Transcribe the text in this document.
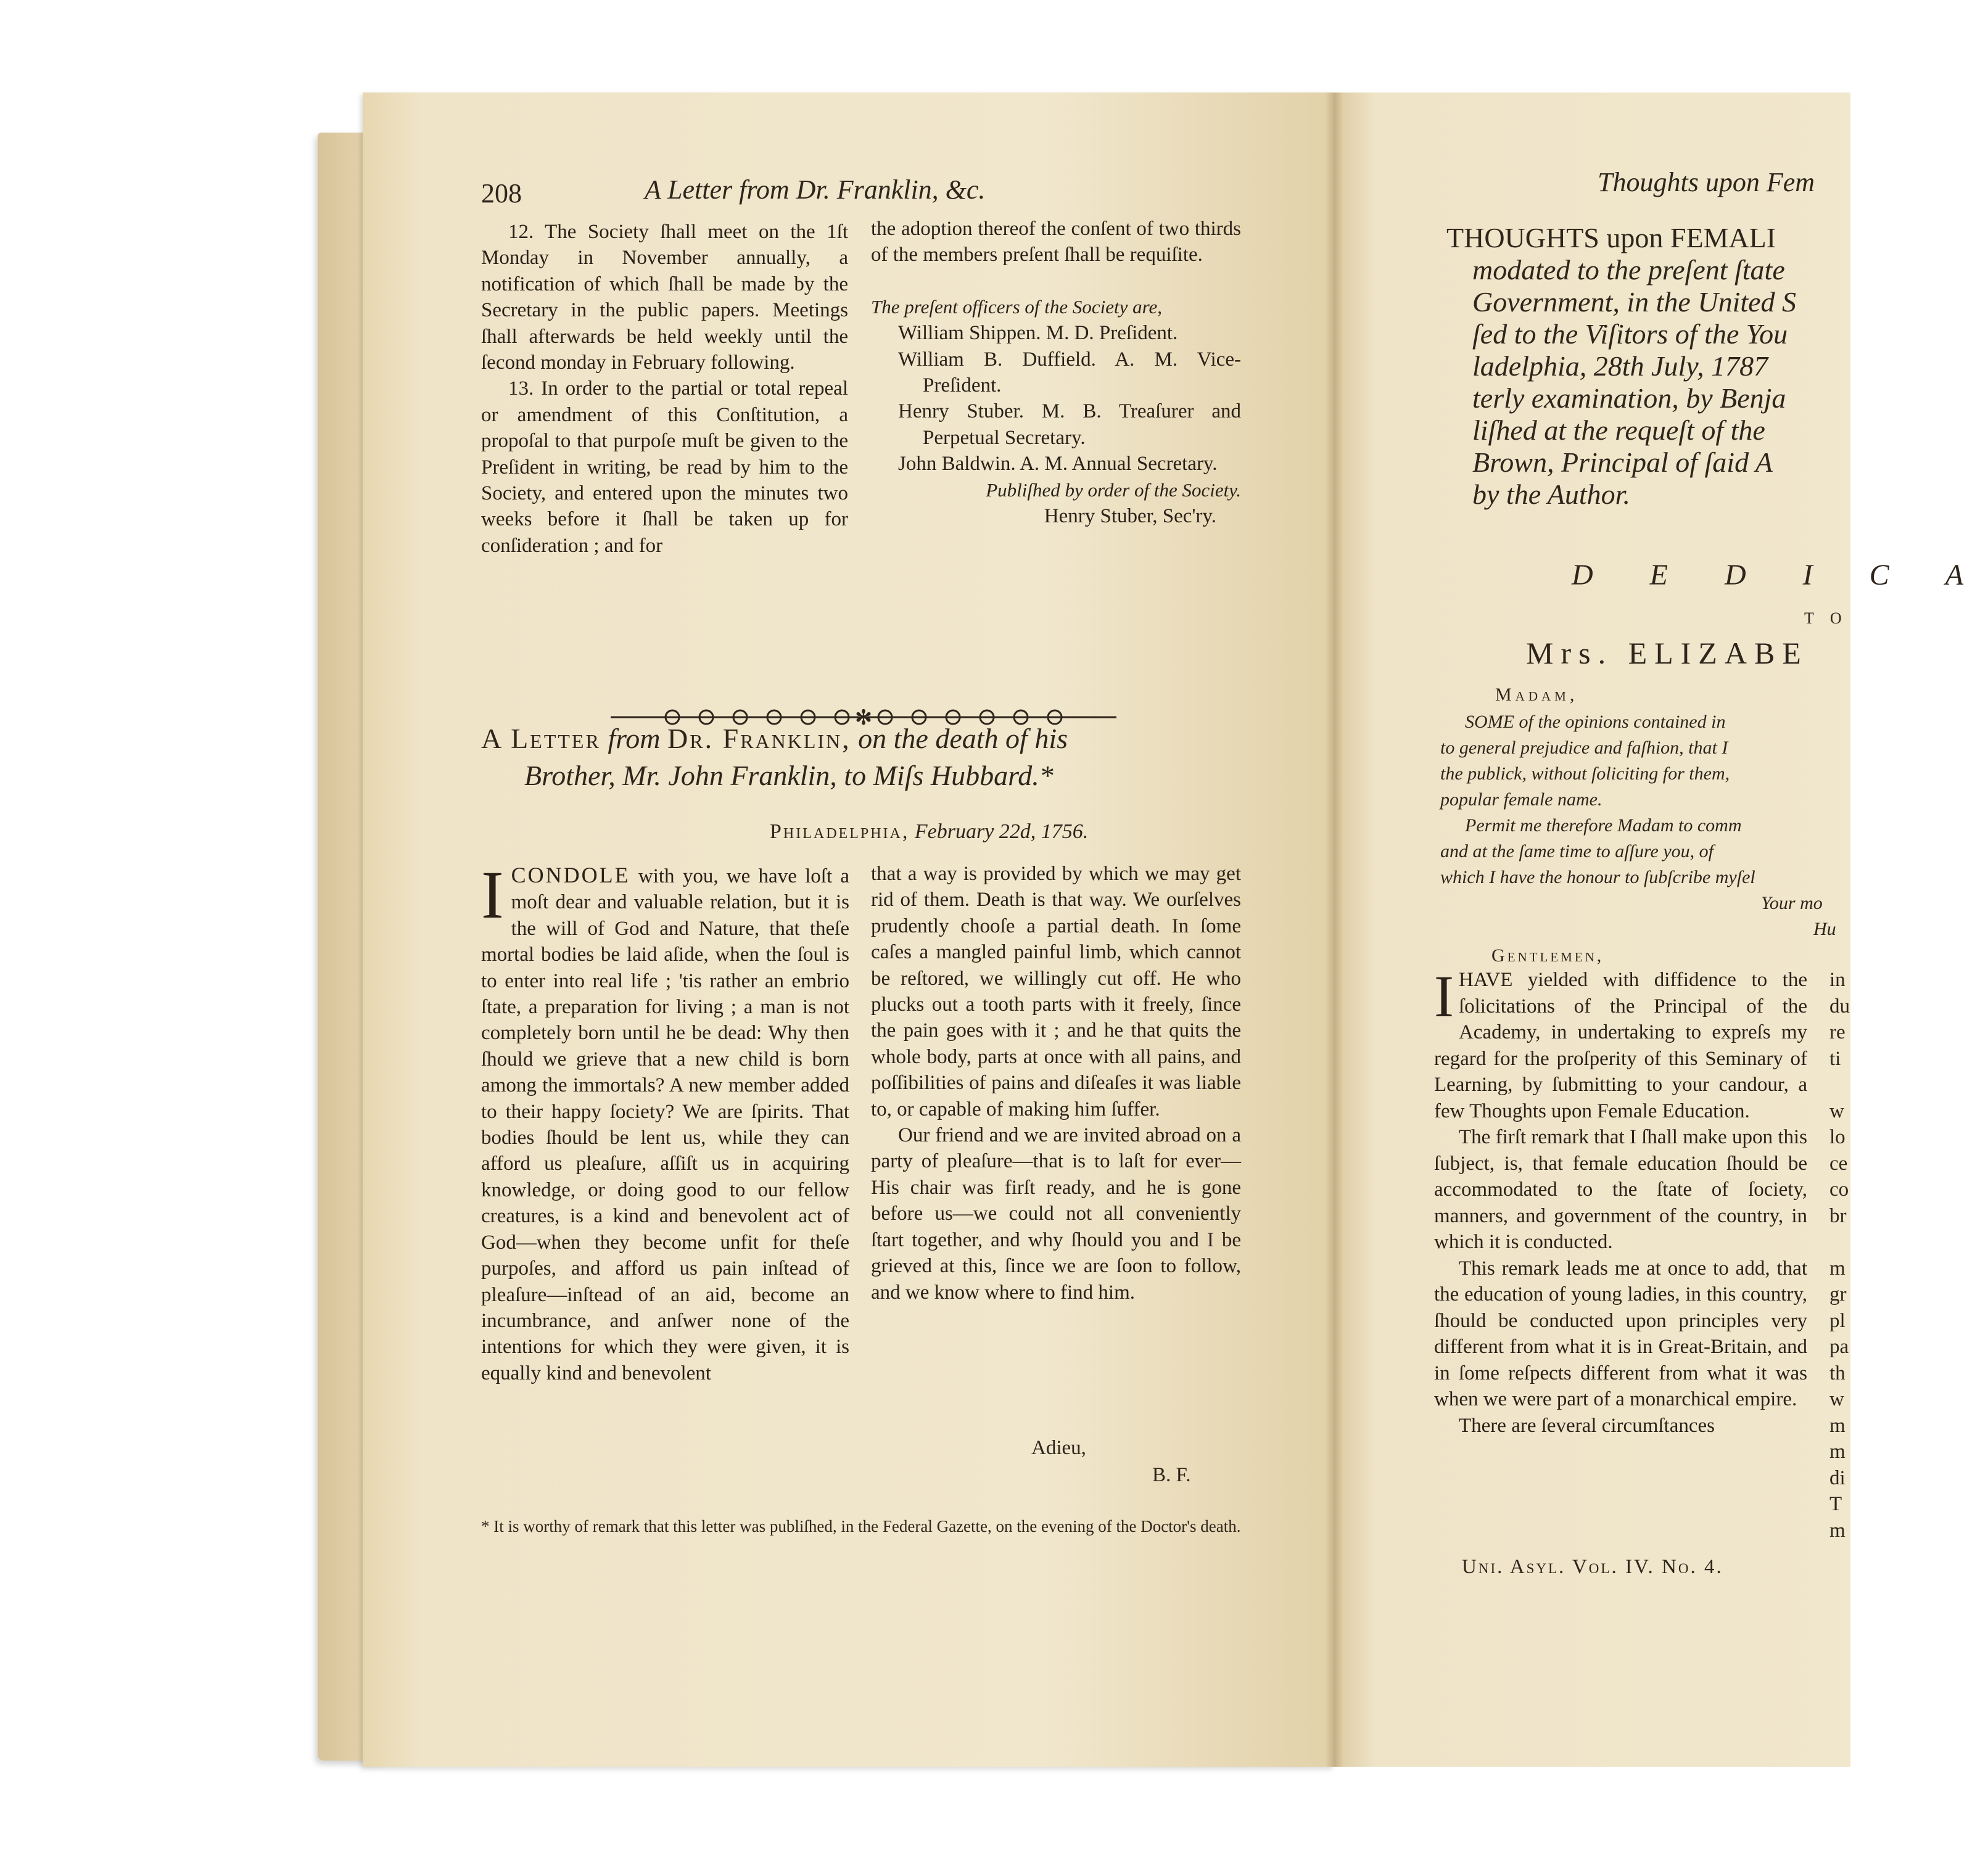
208	A Letter from Dr. Franklin, &c.

12. The Society ſhall meet on the 1ſt Monday in November annually, a notification of which ſhall be made by the Secretary in the public papers. Meetings ſhall afterwards be held weekly until the ſecond monday in February following.

13. In order to the partial or total repeal or amendment of this Conſtitution, a propoſal to that purpoſe muſt be given to the Preſident in writing, be read by him to the Society, and entered upon the minutes two weeks before it ſhall be taken up for conſideration ; and for

the adoption thereof the conſent of two thirds of the members preſent ſhall be requiſite.

The preſent officers of the Society are,

William Shippen. M. D. Preſident.

William B. Duffield. A. M. Vice-Preſident.

Henry Stuber. M. B. Treaſurer and Perpetual Secretary.

John Baldwin. A. M. Annual Secretary.

Publiſhed by order of the Society.

Henry Stuber, Sec'ry.

✻
A Letter from Dr. Franklin, on the death of his
Brother, Mr. John Franklin, to Miſs Hubbard.*
Philadelphia, February 22d, 1756.
I CONDOLE with you, we have loſt a moſt dear and valuable relation, but it is the will of God and Nature, that theſe mortal bodies be laid aſide, when the ſoul is to enter into real life ; 'tis rather an embrio ſtate, a preparation for living ; a man is not completely born until he be dead: Why then ſhould we grieve that a new child is born among the immortals? A new member added to their happy ſociety? We are ſpirits. That bodies ſhould be lent us, while they can afford us pleaſure, aſſiſt us in acquiring knowledge, or doing good to our fellow creatures, is a kind and benevolent act of God—when they become unfit for theſe purpoſes, and afford us pain inſtead of pleaſure—inſtead of an aid, become an incumbrance, and anſwer none of the intentions for which they were given, it is equally kind and benevolent

that a way is provided by which we may get rid of them. Death is that way. We ourſelves prudently chooſe a partial death. In ſome caſes a mangled painful limb, which cannot be reſtored, we willingly cut off. He who plucks out a tooth parts with it freely, ſince the pain goes with it ; and he that quits the whole body, parts at once with all pains, and poſſibilities of pains and diſeaſes it was liable to, or capable of making him ſuffer.

Our friend and we are invited abroad on a party of pleaſure—that is to laſt for ever—His chair was firſt ready, and he is gone before us—we could not all conveniently ſtart together, and why ſhould you and I be grieved at this, ſince we are ſoon to follow, and we know where to find him.

Adieu,
B. F.
* It is worthy of remark that this letter was publiſhed, in the Federal Gazette, on the evening of the Doctor's death.
Thoughts upon Fem
THOUGHTS upon FEMALI
modated to the preſent ſtate
Government, in the United S
ſed to the Viſitors of the You
ladelphia, 28th July, 1787
terly examination, by Benja
liſhed at the requeſt of the
Brown, Principal of ſaid A
by the Author.
D E D I C A
T O
Mrs. ELIZABE
Madam,
SOME of the opinions contained in
to general prejudice and faſhion, that I
the publick, without ſoliciting for them,
popular female name.
Permit me therefore Madam to comm
and at the ſame time to aſſure you, of
which I have the honour to ſubſcribe myſel
Your mo
Hu
Gentlemen,

IHAVE yielded with diffidence to the ſolicitations of the Principal of the Academy, in undertaking to expreſs my regard for the proſperity of this Seminary of Learning, by ſubmitting to your candour, a few Thoughts upon Female Education.

The firſt remark that I ſhall make upon this ſubject, is, that female education ſhould be accommodated to the ſtate of ſociety, manners, and government of the country, in which it is conducted.

This remark leads me at once to add, that the education of young ladies, in this country, ſhould be conducted upon principles very different from what it is in Great-Britain, and in ſome reſpects different from what it was when we were part of a monarchical empire.

There are ſeveral circumſtances

Uni. Asyl. Vol. IV. No. 4.
in
du
re
ti

w
lo
ce
co
br

m
gr
pl
pa
th
w
m
m
di
T
m
